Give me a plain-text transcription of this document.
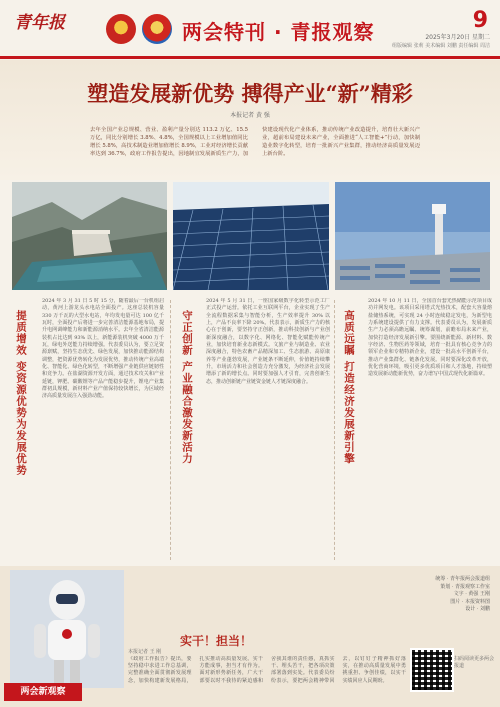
青年报	两会特刊 · 青报观察	9
2025年3月20日 星期二
组版编辑 张莉 美术编辑 刘鹏 责任编辑 周洁
塑造发展新优势 搏得产业“新”精彩
本报记者 黄 强
去年全国产业总规模、营业、盈利产量分别达 113.2 万亿、15.5 万亿，同比分别增长 3.8%、4.8%，全国规模以上工业增加值同比增长 5.8%，高技术制造业增加值增长 8.9%，工业对经济增长贡献率达到 36.7%，政府工作报告提出，因地制宜发展新质生产力，加快建设现代化产业体系，推动传统产业改造提升，培育壮大新兴产业，超前布局建设未来产业，全面推进“人工智能+”行动，加快制造业数字化转型，培育一批新兴产业集群，推动经济高质量发展迈上新台阶。
提质增效 变资源优势为发展优势
2024 年 3 月 31 日 5 时 15 分，随着最后一台机组启动，黄河上游龙头水电站全面投产。这座总装机容量 330 万千瓦的大型水电站，年均发电量可达 100 亿千瓦时，全面投产后将进一步完善清洁能源基地布局，提升电网调峰能力和新能源消纳水平。去年全省清洁能源装机占比达到 93% 以上，新能源装机突破 4000 万千瓦，绿电外送能力持续增强。代表委员认为，要立足资源禀赋，坚持生态优先、绿色发展，加快推动能源结构调整，把资源优势转化为发展优势，推动传统产业高端化、智能化、绿色化转型，不断增强产业链供应链韧性和竞争力。在盐湖资源开发方面，通过技术攻关和产业延链，钾肥、碳酸锂等产品产能稳步提升，锂电产业集群初具规模，新材料产业产值保持较快增长，为区域经济高质量发展注入强劲动能。	守正创新 产业融合激发新活力
2024 年 5 月 31 日，一座国家级数字化转型示范工厂正式投产运营。依托工业互联网平台，企业实现了生产全流程数据采集与智能分析，生产效率提升 30% 以上，产品不良率下降 20%。代表表示，新质生产力的核心在于创新，要坚持守正创新，推动科技创新与产业创新深度融合，以数字化、网络化、智能化赋能传统产业，加快培育新业态新模式。文旅产业与制造业、农业深度融合，特色农畜产品精深加工、生态旅游、高原康养等产业蓬勃发展，产业链条不断延伸，价值链持续攀升，市场活力和社会创造力充分激发，为经济社会发展增添了新的增长点。同时要加强人才引育，完善创新生态，推动创新链产业链资金链人才链深度融合。	高质远瞩 打造经济发展新引擎
2024 年 10 月 11 日，全国首台套光热储能示范项目成功并网发电。该项目采用塔式光热技术，配套大容量熔盐储热系统，可实现 24 小时连续稳定发电，为新型电力系统建设提供了有力支撑。代表委员认为，发展新质生产力必须高瞻远瞩、统筹谋划，前瞻布局未来产业，加快打造经济发展新引擎。要围绕新能源、新材料、数字经济、生物医药等领域，培育一批具有核心竞争力的领军企业和专精特新企业，建设一批高水平创新平台，推动产业集群化、链条化发展。同时要深化改革开放，优化营商环境，吸引更多优质项目和人才落地，持续塑造发展新动能新优势，奋力谱写中国式现代化新篇章。
两会新观察
实干！担当！
本报记者 王 刚
《政府工作报告》提出，要坚持稳中求进工作总基调，完整准确全面贯彻新发展理念，加快构建新发展格局，扎实推动高质量发展。实干方能成事，担当才有作为。面对新形势新任务，广大干部要以时不我待的紧迫感和舍我其谁的责任感，真抓实干、埋头苦干，把各项决策部署落到实处。代表委员纷纷表示，要把两会精神带回去，以钉钉子精神抓好落实，在推动高质量发展中勇挑重担、争创佳绩，以实干实绩回应人民期盼。
统筹 · 青年报两会报道组
策划 · 青报观察工作室
文字 · 黄强 王刚
图片 · 本报资料图
设计 · 刘鹏
扫码阅读更多两会报道
